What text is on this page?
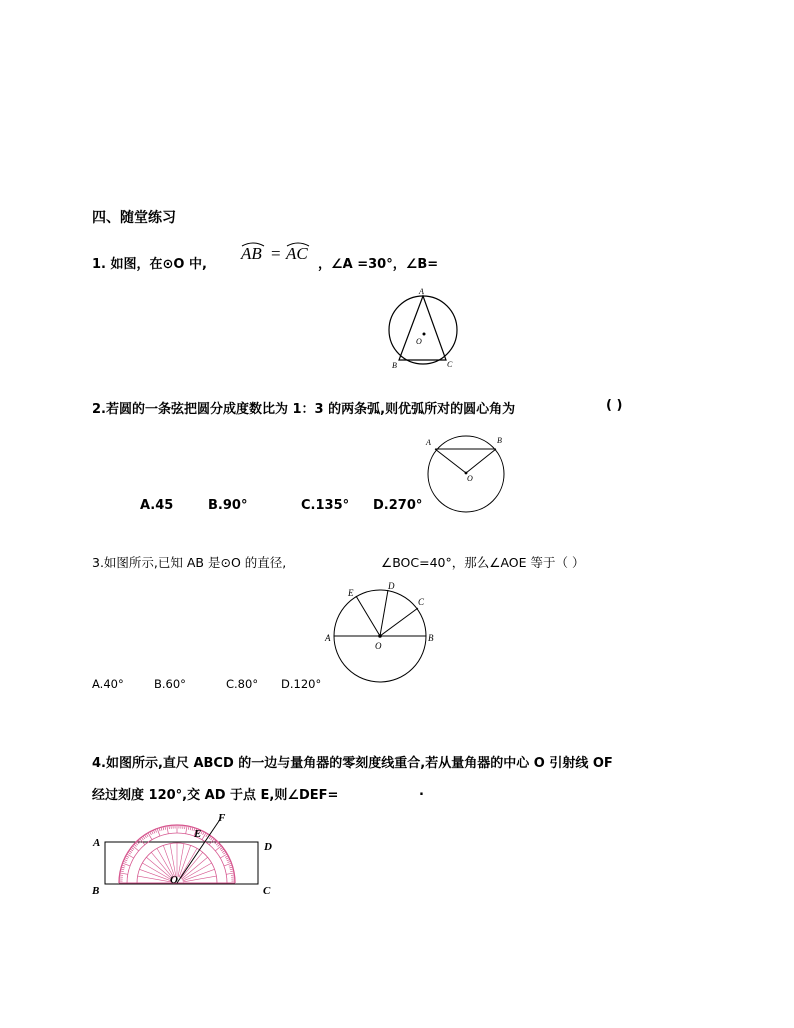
四、随堂练习
1. 如图，在⊙O 中,
AB = AC
，∠A =30°，∠B=
A
B	C
O
2.若圆的一条弦把圆分成度数比为 1：3 的两条弧,则优弧所对的圆心角为	( )
A	B
O
A.45	B.90°	C.135° D.270°
3.如图所示,已知 AB 是⊙O 的直径,	∠BOC=40°，那么∠AOE 等于（ ）
A	B
C
D
E
O
A.40°	B.60°	C.80° D.120°
4.如图所示,直尺 ABCD 的一边与量角器的零刻度线重合,若从量角器的中心 O 引射线 OF
经过刻度 120°,交 AD 于点 E,则∠DEF=	.
A
B	C
D
E
F
O
